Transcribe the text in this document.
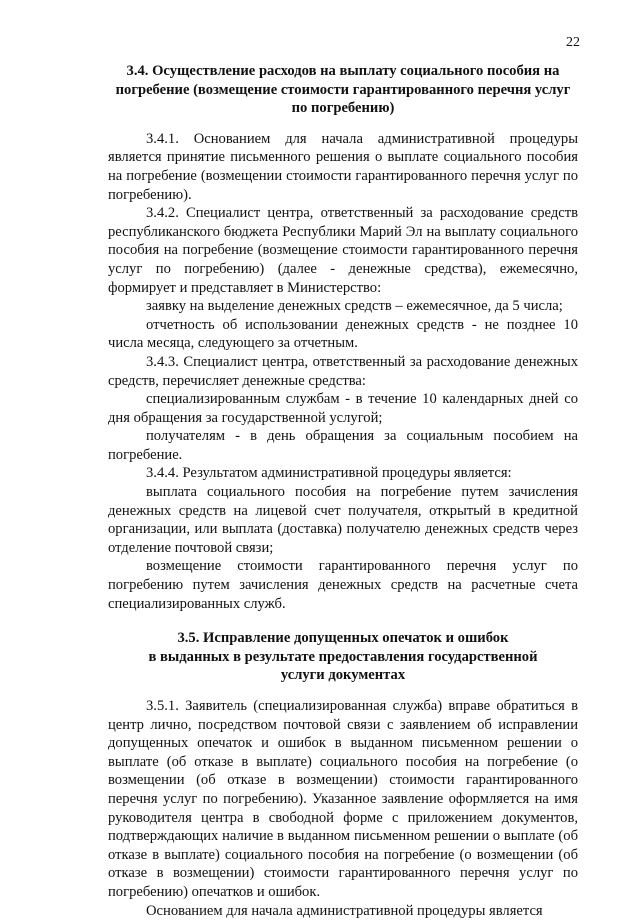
22
3.4. Осуществление расходов на выплату социального пособия на
погребение (возмещение стоимости гарантированного перечня услуг
по погребению)

3.4.1. Основанием для начала административной процедуры является принятие письменного решения о выплате социального пособия на погребение (возмещении стоимости гарантированного перечня услуг по погребению).

3.4.2. Специалист центра, ответственный за расходование средств республиканского бюджета Республики Марий Эл на выплату социального пособия на погребение (возмещение стоимости гарантированного перечня услуг по погребению) (далее - денежные средства), ежемесячно, формирует и представляет в Министерство:

заявку на выделение денежных средств – ежемесячное, да 5 числа;

отчетность об использовании денежных средств - не позднее 10 числа месяца, следующего за отчетным.

3.4.3. Специалист центра, ответственный за расходование денежных средств, перечисляет денежные средства:

специализированным службам - в течение 10 календарных дней со дня обращения за государственной услугой;

получателям - в день обращения за социальным пособием на погребение.

3.4.4. Результатом административной процедуры является:

выплата социального пособия на погребение путем зачисления денежных средств на лицевой счет получателя, открытый в кредитной организации, или выплата (доставка) получателю денежных средств через отделение почтовой связи;

возмещение стоимости гарантированного перечня услуг по погребению путем зачисления денежных средств на расчетные счета специализированных служб.

3.5. Исправление допущенных опечаток и ошибок
в выданных в результате предоставления государственной
услуги документах

3.5.1. Заявитель (специализированная служба) вправе обратиться в центр лично, посредством почтовой связи с заявлением об исправлении допущенных опечаток и ошибок в выданном письменном решении о выплате (об отказе в выплате) социального пособия на погребение (о возмещении (об отказе в возмещении) стоимости гарантированного перечня услуг по погребению). Указанное заявление оформляется на имя руководителя центра в свободной форме с приложением документов, подтверждающих наличие в выданном письменном решении о выплате (об отказе в выплате) социального пособия на погребение (о возмещении (об отказе в возмещении) стоимости гарантированного перечня услуг по погребению) опечатков и ошибок.

Основанием для начала административной процедуры является
